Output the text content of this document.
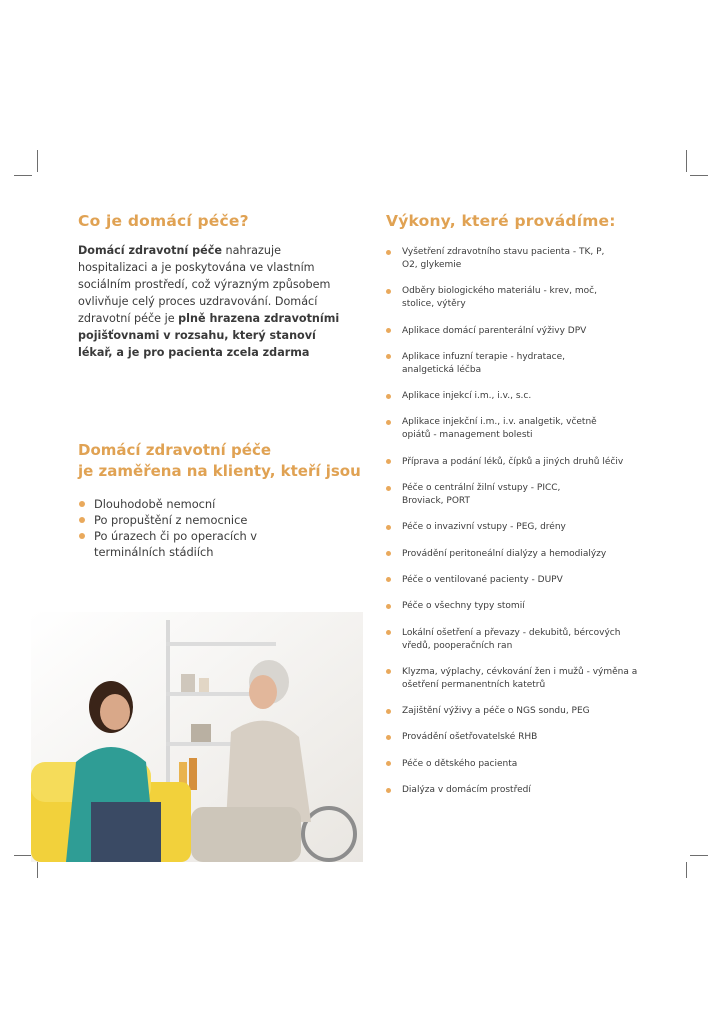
Co je domácí péče?

Domácí zdravotní péče nahrazuje hospitalizaci a je poskytována ve vlastním sociálním prostředí, což výrazným způsobem ovlivňuje celý proces uzdravování. Domácí zdravotní péče je plně hrazena zdravotními pojišťovnami v rozsahu, který stanoví lékař, a je pro pacienta zcela zdarma

Domácí zdravotní péče
je zaměřena na klienty, kteří jsou
Dlouhodobě nemocní
Po propuštění z nemocnice
Po úrazech či po operacích v terminálních stádiích
Výkony, které provádíme:
Vyšetření zdravotního stavu pacienta - TK, P, O2, glykemie
Odběry biologického materiálu - krev, moč, stolice, výtěry
Aplikace domácí parenterální výživy DPV
Aplikace infuzní terapie - hydratace, analgetická léčba
Aplikace injekcí i.m., i.v., s.c.
Aplikace injekční i.m., i.v. analgetik, včetně opiátů - management bolesti
Příprava a podání léků, čípků a jiných druhů léčiv
Péče o centrální žilní vstupy - PICC, Broviack, PORT
Péče o invazivní vstupy - PEG, drény
Provádění peritoneální dialýzy a hemodialýzy
Péče o ventilované pacienty - DUPV
Péče o všechny typy stomií
Lokální ošetření a převazy - dekubitů, bércových vředů, pooperačních ran
Klyzma, výplachy, cévkování žen i mužů - výměna a ošetření permanentních katetrů
Zajištění výživy a péče o NGS sondu, PEG
Provádění ošetřovatelské RHB
Péče o dětského pacienta
Dialýza v domácím prostředí
